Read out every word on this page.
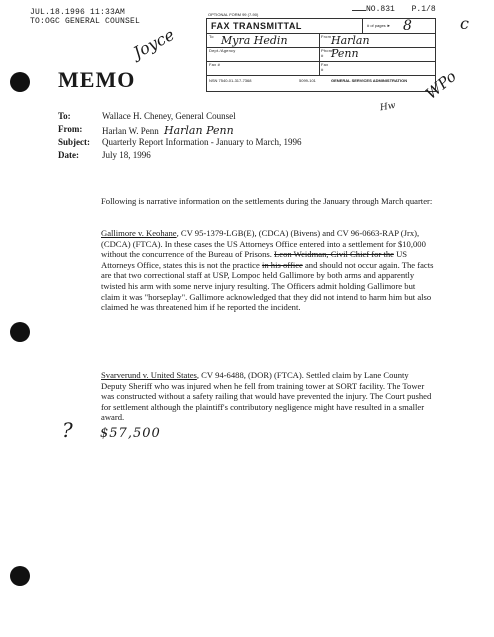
JUL.18.1996 11:33AM
TO:OGC GENERAL COUNSEL
NO.831 P.1/8
OPTIONAL FORM 99 (7-90)
FAX TRANSMITTAL	# of pages ► 8
To Myra Hedin	From Harlan Penn
Dept./Agency	Phone #
Fax #	Fax #
NSN 7540-01-317-7368	5099-101	GENERAL SERVICES ADMINISTRATION
Joyce
c
WPo
Hw
MEMO
To:	Wallace H. Cheney, General Counsel
From: Harlan W. Penn Harlan Penn
Subject: Quarterly Report Information - January to March, 1996
Date:	July 18, 1996
Following is narrative information on the settlements during the January through March quarter:
Gallimore v. Keohane, CV 95-1379-LGB(E), (CDCA) (Bivens) and CV 96-0663-RAP (Jrx), (CDCA) (FTCA). In these cases the US Attorneys Office entered into a settlement for $10,000 without the concurrence of the Bureau of Prisons. Leon Weidman, Civil Chief for the US Attorneys Office, states this is not the practice in his office and should not occur again. The facts are that two correctional staff at USP, Lompoc held Gallimore by both arms and apparently twisted his arm with some nerve injury resulting. The Officers admit holding Gallimore but claim it was "horseplay". Gallimore acknowledged that they did not intend to harm him but also claimed he was threatened him if he reported the incident.
Svarverund v. United States, CV 94-6488, (DOR) (FTCA). Settled claim by Lane County Deputy Sheriff who was injured when he fell from training tower at SORT facility. The Tower was constructed without a safety railing that would have prevented the injury. The Court pushed for settlement although the plaintiff's contributory negligence might have resulted in a smaller award.
? $57,500
